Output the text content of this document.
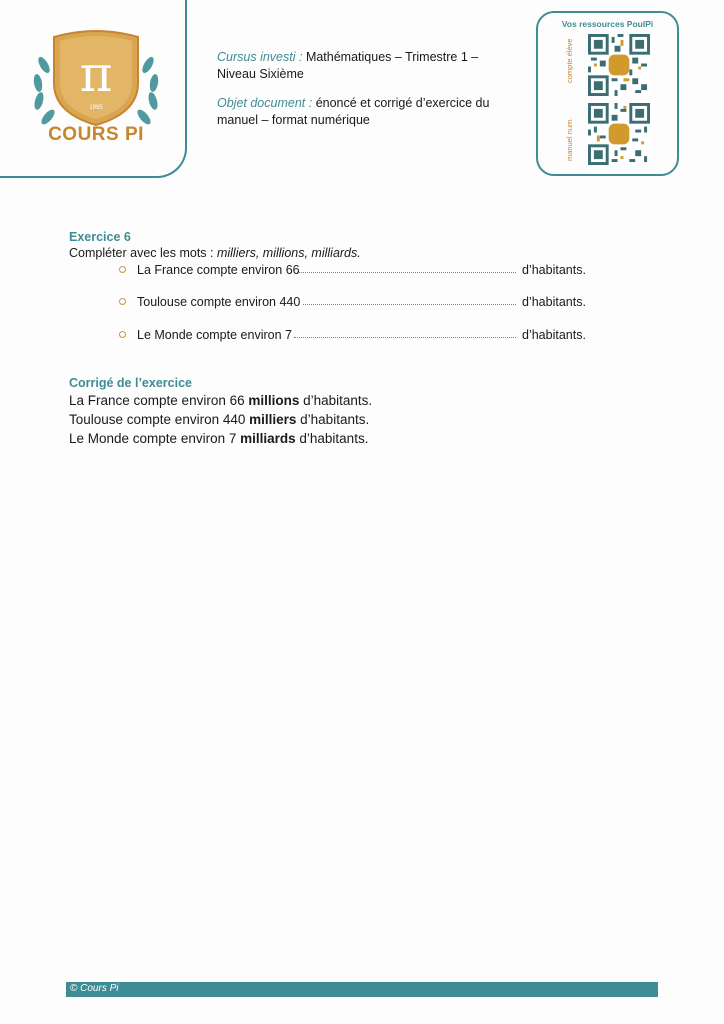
π
1995
COURS PI

Cursus investi : Mathématiques – Trimestre 1 – Niveau Sixième

Objet document : énoncé et corrigé d’exercice du manuel – format numérique

Vos ressources PouIPi
compte élève
manuel num.

Exercice 6

Compléter avec les mots : milliers, millions, milliards.

La France compte environ 66	d’habitants.
Toulouse compte environ 440	d’habitants.
Le Monde compte environ 7	d’habitants.
Corrigé de l’exercice
La France compte environ 66 millions d’habitants.
Toulouse compte environ 440 milliers d’habitants.
Le Monde compte environ 7 milliards d’habitants.
© Cours Pi
